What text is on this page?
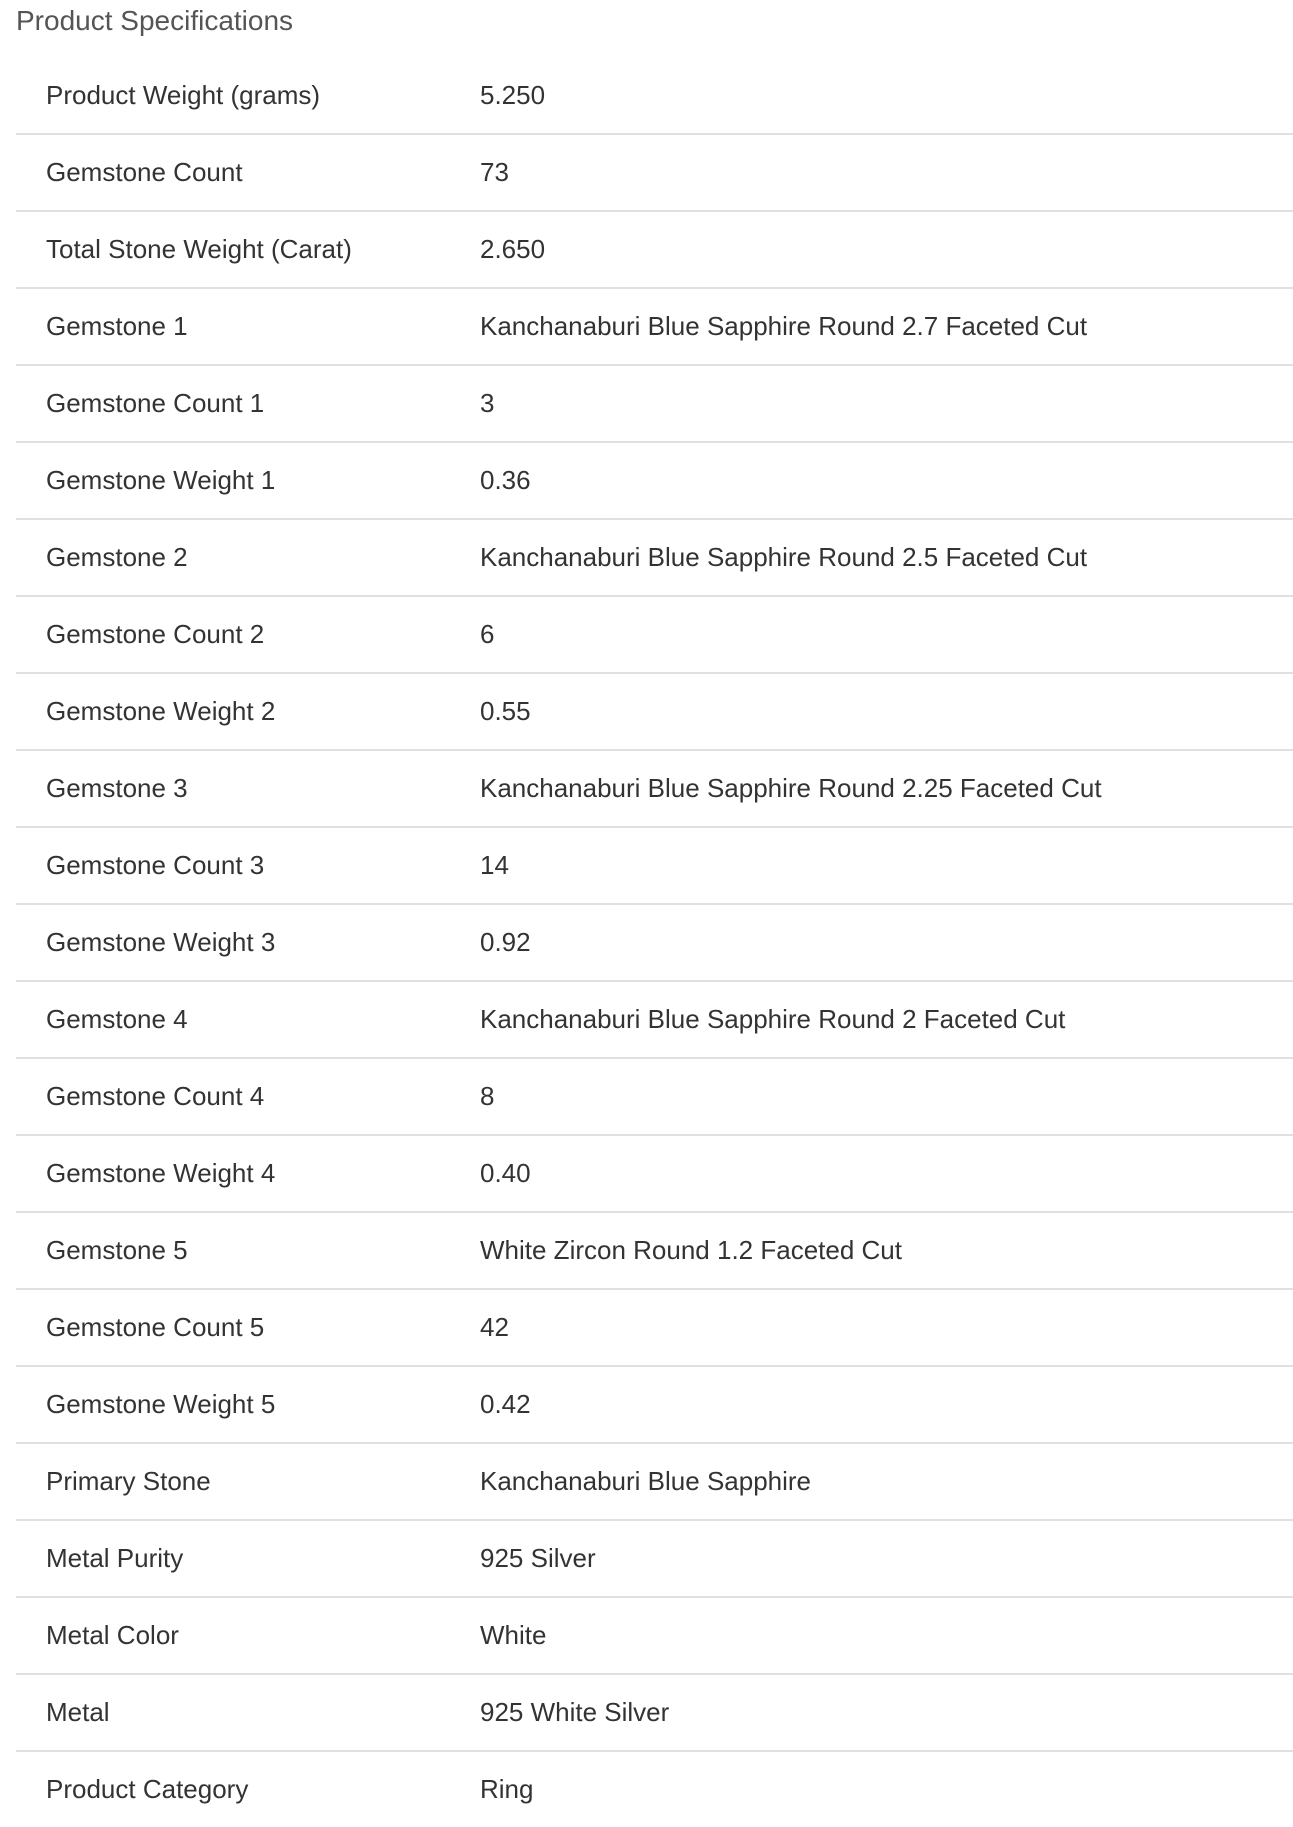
Product Specifications
Product Weight (grams)	5.250
Gemstone Count	73
Total Stone Weight (Carat)	2.650
Gemstone 1	Kanchanaburi Blue Sapphire Round 2.7 Faceted Cut
Gemstone Count 1	3
Gemstone Weight 1	0.36
Gemstone 2	Kanchanaburi Blue Sapphire Round 2.5 Faceted Cut
Gemstone Count 2	6
Gemstone Weight 2	0.55
Gemstone 3	Kanchanaburi Blue Sapphire Round 2.25 Faceted Cut
Gemstone Count 3	14
Gemstone Weight 3	0.92
Gemstone 4	Kanchanaburi Blue Sapphire Round 2 Faceted Cut
Gemstone Count 4	8
Gemstone Weight 4	0.40
Gemstone 5	White Zircon Round 1.2 Faceted Cut
Gemstone Count 5	42
Gemstone Weight 5	0.42
Primary Stone	Kanchanaburi Blue Sapphire
Metal Purity	925 Silver
Metal Color	White
Metal	925 White Silver
Product Category	Ring
